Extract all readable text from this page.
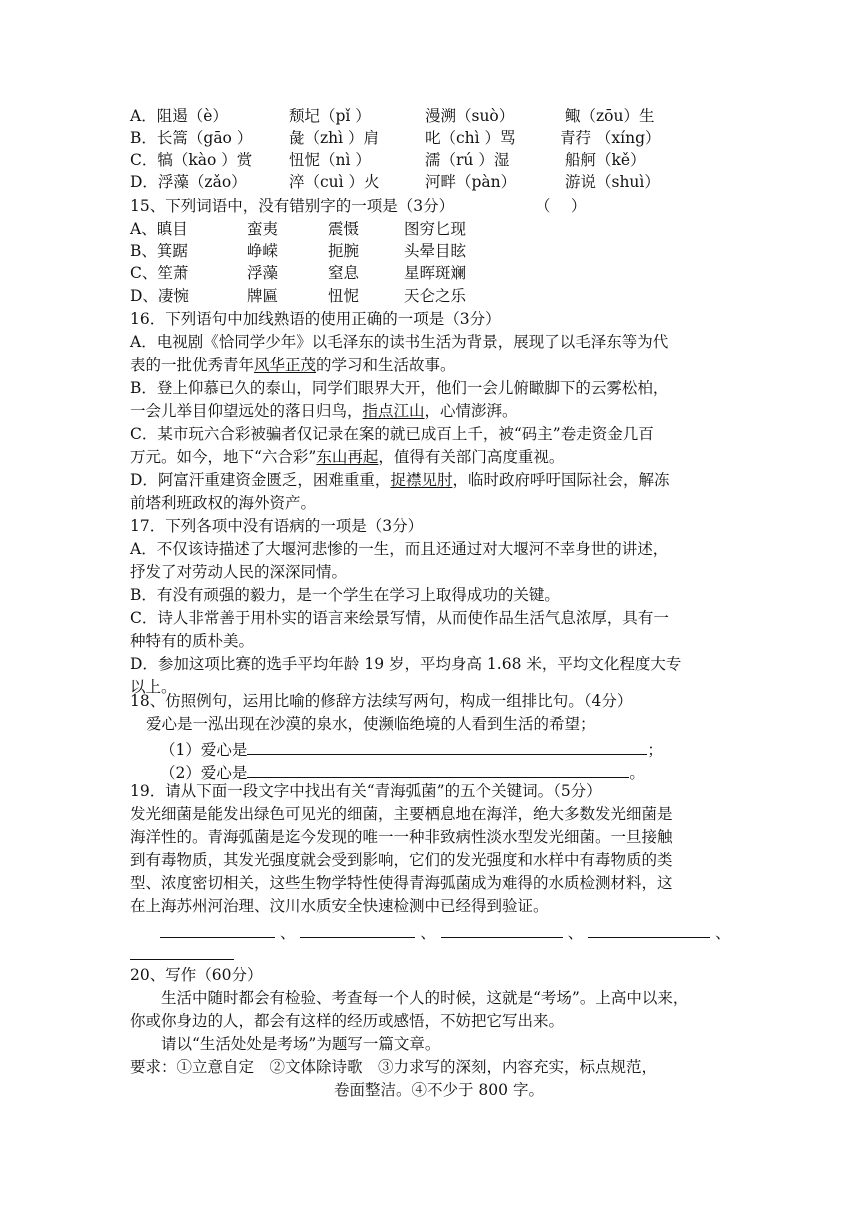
A．阻遏（è）	颓圮（pǐ ）	漫溯（suò）	鲰（zōu）生
B．长篙（gāo ） 彘（zhì ）肩	叱（chì ）骂	青荇 （xíng）
C．犒（kào ）赏 忸怩（nì ）	濡（rú ）湿	船舸（kě）
D．浮藻（zǎo）	淬（cuì ）火	河畔（pàn）	游说（shuì）
15、下列词语中，没有错别字的一项是（3分）	（　 ）
A、瞋目	蛮夷	震慑	图穷匕现
B、箕踞	峥嵘	扼腕	头晕目眩
C、笙萧	浮藻	窒息	星晖斑斓
D、凄惋	牌匾	忸怩	天仑之乐
16．下列语句中加线熟语的使用正确的一项是（3分）
A．电视剧《恰同学少年》以毛泽东的读书生活为背景，展现了以毛泽东等为代
表的一批优秀青年风华正茂的学习和生活故事。
B．登上仰慕已久的泰山，同学们眼界大开，他们一会儿俯瞰脚下的云雾松柏，
一会儿举目仰望远处的落日归鸟，指点江山，心情澎湃。
C．某市玩六合彩被骗者仅记录在案的就已成百上千，被“码主”卷走资金几百
万元。如今，地下“六合彩”东山再起，值得有关部门高度重视。
D．阿富汗重建资金匮乏，困难重重，捉襟见肘，临时政府呼吁国际社会，解冻
前塔利班政权的海外资产。
17．下列各项中没有语病的一项是（3分）
A．不仅该诗描述了大堰河悲惨的一生，而且还通过对大堰河不幸身世的讲述，
抒发了对劳动人民的深深同情。
B．有没有顽强的毅力，是一个学生在学习上取得成功的关键。
C．诗人非常善于用朴实的语言来绘景写情，从而使作品生活气息浓厚，具有一
种特有的质朴美。
D．参加这项比赛的选手平均年龄 19 岁，平均身高 1.68 米，平均文化程度大专
以上。
18、仿照例句，运用比喻的修辞方法续写两句，构成一组排比句。（4分）
爱心是一泓出现在沙漠的泉水，使濒临绝境的人看到生活的希望；
（1）爱心是	；
（2）爱心是	。
19．请从下面一段文字中找出有关“青海弧菌”的五个关键词。（5分）
发光细菌是能发出绿色可见光的细菌，主要栖息地在海洋，绝大多数发光细菌是
海洋性的。青海弧菌是迄今发现的唯一一种非致病性淡水型发光细菌。一旦接触
到有毒物质，其发光强度就会受到影响，它们的发光强度和水样中有毒物质的类
型、浓度密切相关，这些生物学特性使得青海弧菌成为难得的水质检测材料，这
在上海苏州河治理、汶川水质安全快速检测中已经得到验证。
、	、	、	、
20、写作（60分）
生活中随时都会有检验、考查每一个人的时候，这就是“考场”。上高中以来，
你或你身边的人，都会有这样的经历或感悟，不妨把它写出来。
请以“生活处处是考场”为题写一篇文章。
要求：①立意自定　②文体除诗歌　③力求写的深刻，内容充实，标点规范，
卷面整洁。④不少于 800 字。
